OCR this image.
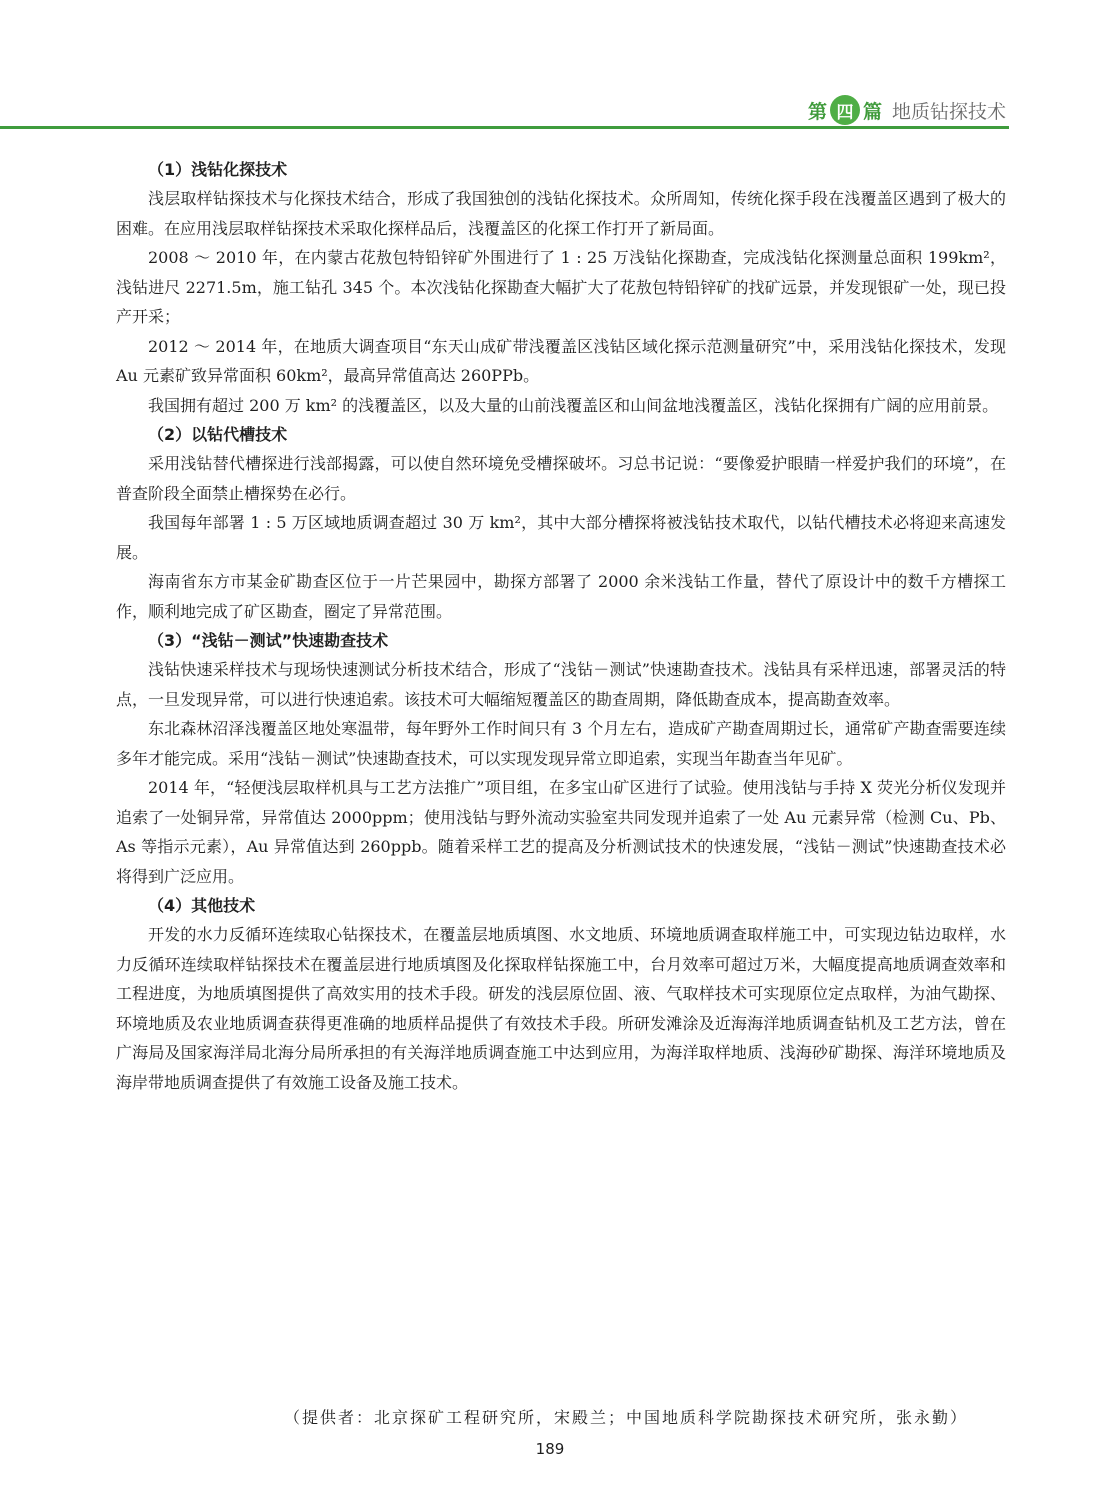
第 四 篇 地质钻探技术
（1）浅钻化探技术

浅层取样钻探技术与化探技术结合，形成了我国独创的浅钻化探技术。众所周知，传统化探手段在浅覆盖区遇到了极大的困难。在应用浅层取样钻探技术采取化探样品后，浅覆盖区的化探工作打开了新局面。

2008 ～ 2010 年，在内蒙古花敖包特铅锌矿外围进行了 1 : 25 万浅钻化探勘查，完成浅钻化探测量总面积 199km²，浅钻进尺 2271.5m，施工钻孔 345 个。本次浅钻化探勘查大幅扩大了花敖包特铅锌矿的找矿远景，并发现银矿一处，现已投产开采；

2012 ～ 2014 年，在地质大调查项目“东天山成矿带浅覆盖区浅钻区域化探示范测量研究”中，采用浅钻化探技术，发现 Au 元素矿致异常面积 60km²，最高异常值高达 260PPb。

我国拥有超过 200 万 km² 的浅覆盖区，以及大量的山前浅覆盖区和山间盆地浅覆盖区，浅钻化探拥有广阔的应用前景。

（2）以钻代槽技术

采用浅钻替代槽探进行浅部揭露，可以使自然环境免受槽探破坏。习总书记说：“要像爱护眼睛一样爱护我们的环境”，在普查阶段全面禁止槽探势在必行。

我国每年部署 1 : 5 万区域地质调查超过 30 万 km²，其中大部分槽探将被浅钻技术取代，以钻代槽技术必将迎来高速发展。

海南省东方市某金矿勘查区位于一片芒果园中，勘探方部署了 2000 余米浅钻工作量，替代了原设计中的数千方槽探工作，顺利地完成了矿区勘查，圈定了异常范围。

（3）“浅钻－测试”快速勘查技术

浅钻快速采样技术与现场快速测试分析技术结合，形成了“浅钻－测试”快速勘查技术。浅钻具有采样迅速，部署灵活的特点，一旦发现异常，可以进行快速追索。该技术可大幅缩短覆盖区的勘查周期，降低勘查成本，提高勘查效率。

东北森林沼泽浅覆盖区地处寒温带，每年野外工作时间只有 3 个月左右，造成矿产勘查周期过长，通常矿产勘查需要连续多年才能完成。采用“浅钻－测试”快速勘查技术，可以实现发现异常立即追索，实现当年勘查当年见矿。

2014 年，“轻便浅层取样机具与工艺方法推广”项目组，在多宝山矿区进行了试验。使用浅钻与手持 X 荧光分析仪发现并追索了一处铜异常，异常值达 2000ppm；使用浅钻与野外流动实验室共同发现并追索了一处 Au 元素异常（检测 Cu、Pb、As 等指示元素），Au 异常值达到 260ppb。随着采样工艺的提高及分析测试技术的快速发展，“浅钻－测试”快速勘查技术必将得到广泛应用。

（4）其他技术

开发的水力反循环连续取心钻探技术，在覆盖层地质填图、水文地质、环境地质调查取样施工中，可实现边钻边取样，水力反循环连续取样钻探技术在覆盖层进行地质填图及化探取样钻探施工中，台月效率可超过万米，大幅度提高地质调查效率和工程进度，为地质填图提供了高效实用的技术手段。研发的浅层原位固、液、气取样技术可实现原位定点取样，为油气勘探、环境地质及农业地质调查获得更准确的地质样品提供了有效技术手段。所研发滩涂及近海海洋地质调查钻机及工艺方法，曾在广海局及国家海洋局北海分局所承担的有关海洋地质调查施工中达到应用，为海洋取样地质、浅海砂矿勘探、海洋环境地质及海岸带地质调查提供了有效施工设备及施工技术。

（提供者：北京探矿工程研究所，宋殿兰；中国地质科学院勘探技术研究所，张永勤）
189
